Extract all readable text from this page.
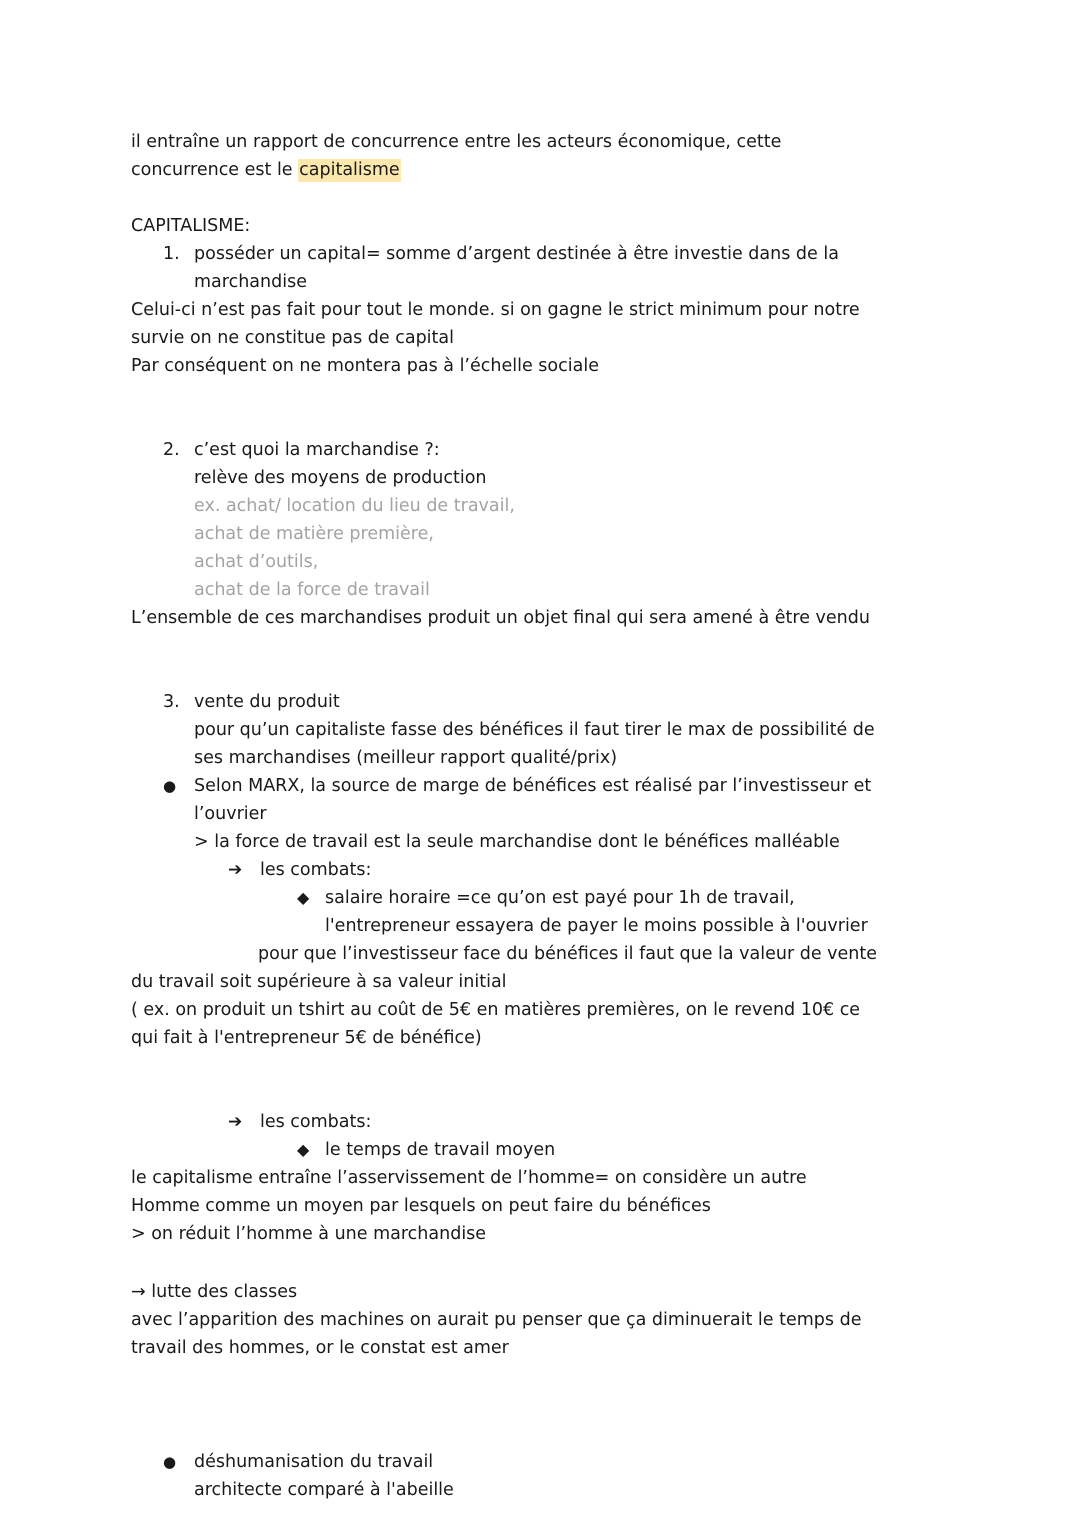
il entraîne un rapport de concurrence entre les acteurs économique, cette

concurrence est le capitalisme

CAPITALISME:

1. posséder un capital= somme d’argent destinée à être investie dans de la
marchandise

Celui-ci n’est pas fait pour tout le monde. si on gagne le strict minimum pour notre

survie on ne constitue pas de capital

Par conséquent on ne montera pas à l’échelle sociale

2. c’est quoi la marchandise ?:
relève des moyens de production
ex. achat/ location du lieu de travail,
achat de matière première,
achat d’outils,
achat de la force de travail

L’ensemble de ces marchandises produit un objet final qui sera amené à être vendu

3. vente du produit
pour qu’un capitaliste fasse des bénéfices il faut tirer le max de possibilité de
ses marchandises (meilleur rapport qualité/prix)
●	Selon MARX, la source de marge de bénéfices est réalisé par l’investisseur et
l’ouvrier

> la force de travail est la seule marchandise dont le bénéfices malléable

➔	les combats:
◆ salaire horaire =ce qu’on est payé pour 1h de travail,

l'entrepreneur essayera de payer le moins possible à l'ouvrier

pour que l’investisseur face du bénéfices il faut que la valeur de vente

du travail soit supérieure à sa valeur initial

( ex. on produit un tshirt au coût de 5€ en matières premières, on le revend 10€ ce

qui fait à l'entrepreneur 5€ de bénéfice)

➔	les combats:
◆ le temps de travail moyen

le capitalisme entraîne l’asservissement de l’homme= on considère un autre

Homme comme un moyen par lesquels on peut faire du bénéfices

> on réduit l’homme à une marchandise

→ lutte des classes

avec l’apparition des machines on aurait pu penser que ça diminuerait le temps de

travail des hommes, or le constat est amer

●	déshumanisation du travail
architecte comparé à l'abeille
